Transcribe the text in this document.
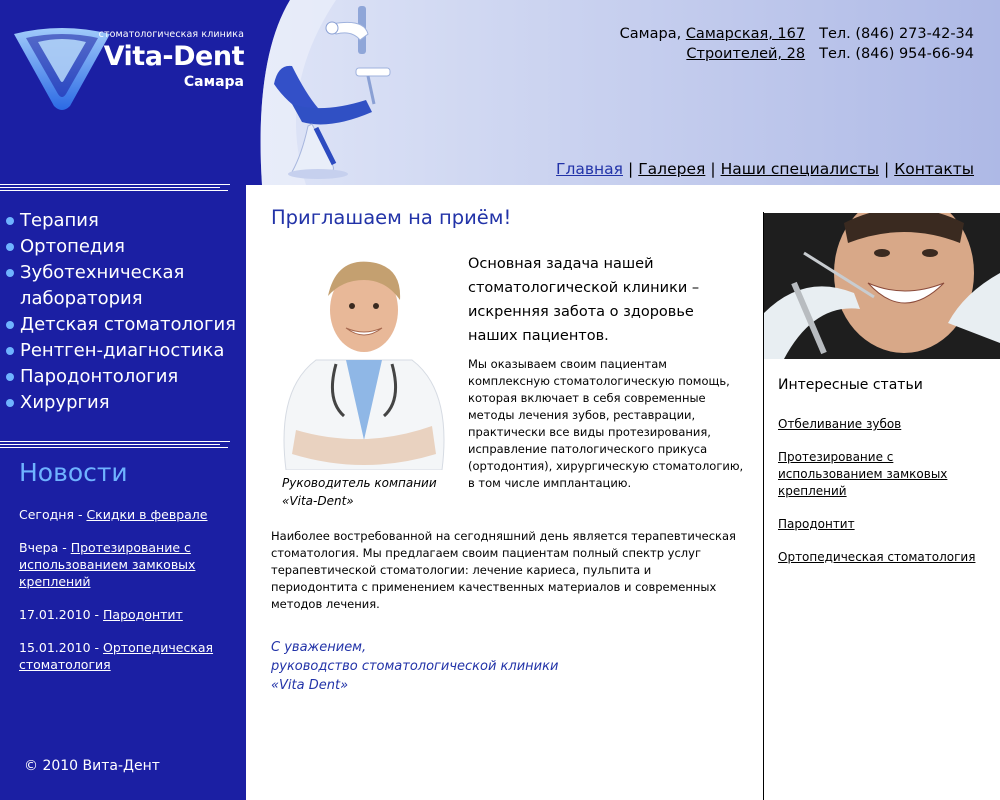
стоматологическая клиника
Vita-Dent
Самара
Терапия
Ортопедия
Зуботехническая лаборатория
Детская стоматология
Рентген-диагностика
Пародонтология
Хирургия
Новости
Сегодня - Скидки в феврале
Вчера - Протезирование с использованием замковых креплений
17.01.2010 - Пародонтит
15.01.2010 - Ортопедическая стоматология
© 2010 Вита-Дент
Самара, Самарская, 167 Тел. (846) 273-42-34
Строителей, 28 Тел. (846) 954-66-94
Главная | Галерея | Наши специалисты | Контакты
Приглашаем на приём!
Руководитель компании «Vita-Dent»
Основная задача нашей стоматологической клиники – искренняя забота о здоровье наших пациентов.
Мы оказываем своим пациентам комплексную стоматологическую помощь, которая включает в себя современные методы лечения зубов, реставрации, практически все виды протезирования, исправление патологического прикуса (ортодонтия), хирургическую стоматологию, в том числе имплантацию.
Наиболее востребованной на сегодняшний день является терапевтическая стоматология. Мы предлагаем своим пациентам полный спектр услуг терапевтической стоматологии: лечение кариеса, пульпита и периодонтита с применением качественных материалов и современных методов лечения.
С уважением,
руководство стоматологической клиники
«Vita Dent»
Интересные статьи
Отбеливание зубов
Протезирование с использованием замковых креплений
Пародонтит
Ортопедическая стоматология
